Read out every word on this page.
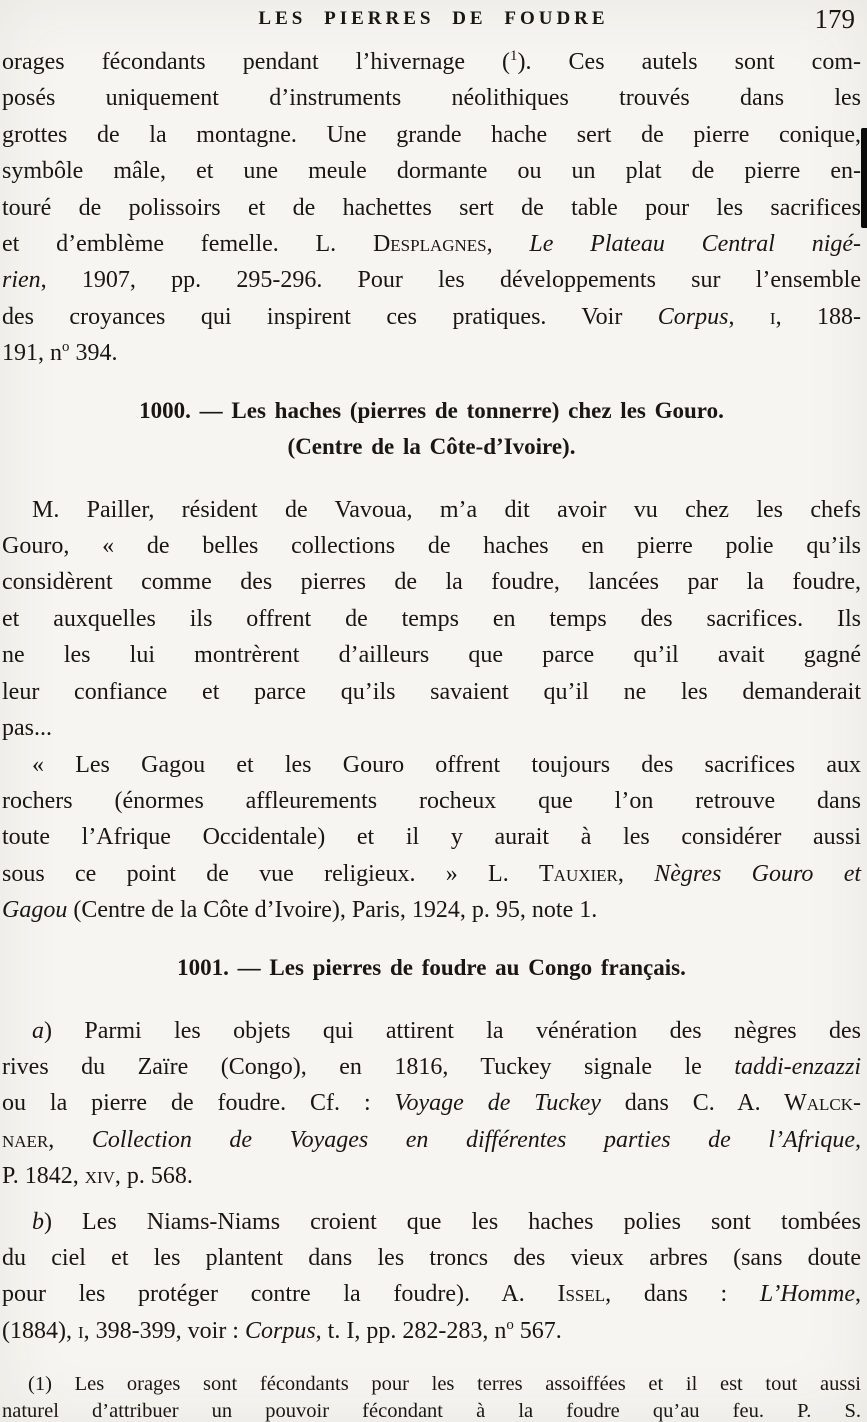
LES PIERRES DE FOUDRE	179
orages fécondants pendant l’hivernage ($^1$). Ces autels sont com-
posés uniquement d’instruments néolithiques trouvés dans les
grottes de la montagne. Une grande hache sert de pierre conique,
symbôle mâle, et une meule dormante ou un plat de pierre en-
touré de polissoirs et de hachettes sert de table pour les sacrifices
et d’emblème femelle. L. Desplagnes, Le Plateau Central nigé-
rien, 1907, pp. 295-296. Pour les développements sur l’ensemble
des croyances qui inspirent ces pratiques. Voir Corpus, i, 188-
191, $n^o$ 394.
1000. — Les haches (pierres de tonnerre) chez les Gouro.
(Centre de la Côte-d’Ivoire).
M. Pailler, résident de Vavoua, m’a dit avoir vu chez les chefs
Gouro, « de belles collections de haches en pierre polie qu’ils
considèrent comme des pierres de la foudre, lancées par la foudre,
et auxquelles ils offrent de temps en temps des sacrifices. Ils
ne les lui montrèrent d’ailleurs que parce qu’il avait gagné
leur confiance et parce qu’ils savaient qu’il ne les demanderait
pas...
« Les Gagou et les Gouro offrent toujours des sacrifices aux
rochers (énormes affleurements rocheux que l’on retrouve dans
toute l’Afrique Occidentale) et il y aurait à les considérer aussi
sous ce point de vue religieux. » L. Tauxier, Nègres Gouro et
Gagou (Centre de la Côte d’Ivoire), Paris, 1924, p. 95, note 1.
1001. — Les pierres de foudre au Congo français.
a) Parmi les objets qui attirent la vénération des nègres des
rives du Zaïre (Congo), en 1816, Tuckey signale le taddi-enzazzi
ou la pierre de foudre. Cf. : Voyage de Tuckey dans C. A. Walck-
naer, Collection de Voyages en différentes parties de l’Afrique,
P. 1842, xiv, p. 568.
b) Les Niams-Niams croient que les haches polies sont tombées
du ciel et les plantent dans les troncs des vieux arbres (sans doute
pour les protéger contre la foudre). A. Issel, dans : L’Homme,
(1884), i, 398-399, voir : Corpus, t. I, pp. 282-283, $n^o$ 567.
(1) Les orages sont fécondants pour les terres assoiffées et il est tout aussi
naturel d’attribuer un pouvoir fécondant à la foudre qu’au feu. P. S.
